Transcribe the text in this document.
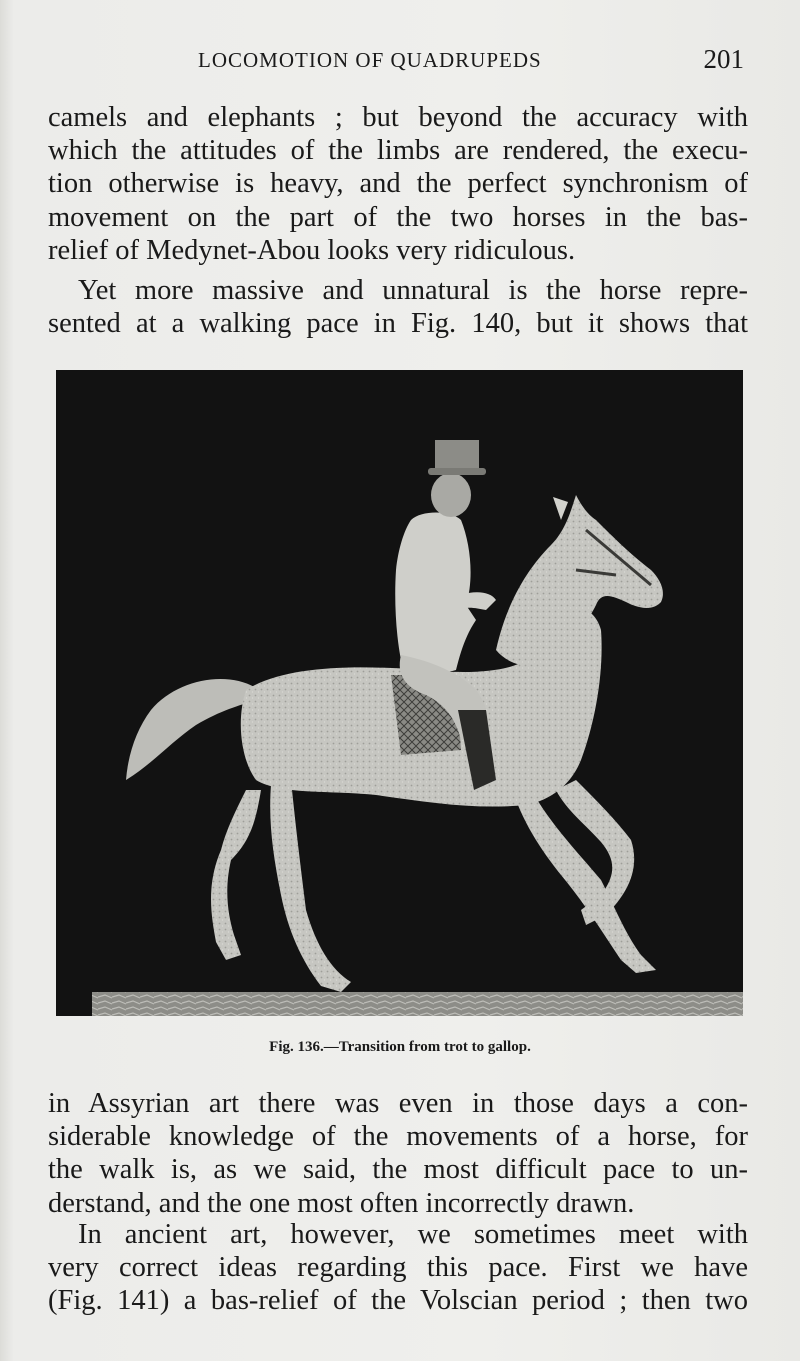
LOCOMOTION OF QUADRUPEDS	201

camels and elephants ; but beyond the accuracy with
which the attitudes of the limbs are rendered, the execu-
tion otherwise is heavy, and the perfect synchronism of
movement on the part of the two horses in the bas-
relief of Medynet-Abou looks very ridiculous.

Yet more massive and unnatural is the horse repre-
sented at a walking pace in Fig. 140, but it shows that

Fig. 136.—Transition from trot to gallop.

in Assyrian art there was even in those days a con-
siderable knowledge of the movements of a horse, for
the walk is, as we said, the most difficult pace to un-
derstand, and the one most often incorrectly drawn.

In ancient art, however, we sometimes meet with
very correct ideas regarding this pace. First we have
(Fig. 141) a bas-relief of the Volscian period ; then two
